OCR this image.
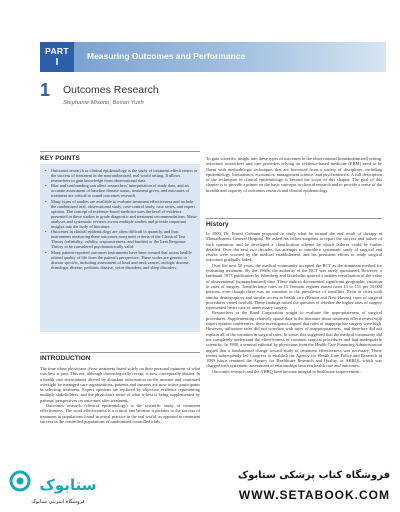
PART
I
Measuring Outcomes and Performance
1 Outcomes Research
Stephanie Misono, Bevan Yueh
KEY POINTS
• Outcomes research or clinical epidemiology is the study of treatment effectiveness or the success of treatment in the nonrandomized, real-world setting. It allows researchers to gain knowledge from observational data.
• Bias and confounding can affect researchers' interpretation of study data, and an accurate assessment of baseline disease status, treatment given, and outcomes of treatment are critical to sound outcomes research.
• Many types of studies are available to evaluate treatment effectiveness and include the randomized trial, observational study, case-control study, case series, and expert opinion. The concept of evidence-based medicine uses the level of evidence presented in these studies to grade diagnostic and treatment recommendations. Meta-analyses and systematic reviews across multiple studies and provide important insights into the body of literature.
• Outcomes in clinical epidemiology are often difficult to quantify, and thus instruments measuring these outcomes must meet criteria of the Classical Test Theory (reliability, validity, responsiveness, and burden) or the Item Response Theory to be considered psychometrically valid.
• Many patient-reported outcomes instruments have been created that assess health-related quality of life from the patient's perspective. These scales are generic or disease specific, including assessment of head and neck cancer, otologic disease, rhinologic disease, pediatric disease, voice disorders, and sleep disorders.
INTRODUCTION

The time when physicians chose treatment based solely on their personal opinions of what was best is past. This era, although chronologically recent, is now conceptually distant. In a health care environment altered by abundant information on the internet and continued oversight by managed care organizations, patients and insurers are now active participants in selecting treatment. Expert opinions are replaced by objective evidence representing multiple stakeholders, and the physician's sense of what is best is being supplemented by patients' perspectives on outcomes after treatment.

Outcomes research (clinical epidemiology) is the scientific study of treatment effectiveness. The word effectiveness is a critical one because it pertains to the success of treatment in populations found in actual practice in the real world, as opposed to treatment success in the controlled populations of randomized controlled trials.

To gain scientific insight into these types of outcomes in the observational (nonrandomized) setting, outcomes researchers and care providers relying on evidence-based medicine (EBM) need to be fluent with methodologic techniques that are borrowed from a variety of disciplines, including epidemiology, biostatistics, economics, management science, and psychometrics. A full description of the techniques in clinical epidemiology is beyond the scope of this chapter. The goal of this chapter is to provide a primer on the basic concepts in clinical research and to provide a sense of the breadth and capacity of outcomes research and clinical epidemiology.

History

In 1900, Dr. Ernest Codman proposed to study what he termed the end result of therapy at Massachusetts General Hospital. He asked his fellow surgeons to report the success and failure of each operation, and he developed a classification scheme by which failures could be further detailed. Over the next two decades, his attempts to introduce systematic study of surgical end results were scorned by the medical establishment, and his persistent efforts to study surgical outcomes gradually faded.

Over the next 50 years, the medical community accepted the RCT as the dominant method for evaluating treatment. By the 1960s, the authority of the RCT was rarely questioned. However, a landmark 1973 publication by Wennberg and Gittelsohn spurred a sudden reevaluation of the value of observational (nonrandomized) data. These authors documented significant geographic variation in rates of surgery. Tonsillectomy rates in 13 Vermont regions varied from 13 to 151 per 10,000 persons, even though there was no variation in the prevalence of tonsillitis. Even in cities with similar demographics and similar access to health care (Boston and New Haven), rates of surgical procedures varied twofold. These findings raised the question of whether the higher rates of surgery represented better care or unnecessary surgery.

Researchers at the Rand Corporation sought to evaluate the appropriateness of surgical procedures. Supplementing relatively sparse data in the literature about treatment effectiveness with expert opinion conferences, these investigators argued that rates of inappropriate surgery were high. However, utilization rates did not correlate with rates of inappropriateness, and therefore did not explain all of the variation in surgical rates. In some, this suggested that the medical community did not completely understand the effectiveness of common surgical procedures and had inadequately scientific. In 1988, a seminal editorial by physicians from the Health Care Financing Administration argued that a fundamental change toward study of treatment effectiveness was necessary. These events subsequently led Congress to establish the Agency for Health Care Policy and Research in 1989 (since renamed the Agency for Healthcare Research and Quality, or AHRQ), which was charged with systematic assessment of relationships between health care and outcomes.

Outcomes research and the AHRQ have become integral to healthcare improvement...

ستابوک
فروشگاه اینترنتی ستابوک
فروشگاه کتاب پزشکی ستابوک
WWW.SETABOOK.COM
